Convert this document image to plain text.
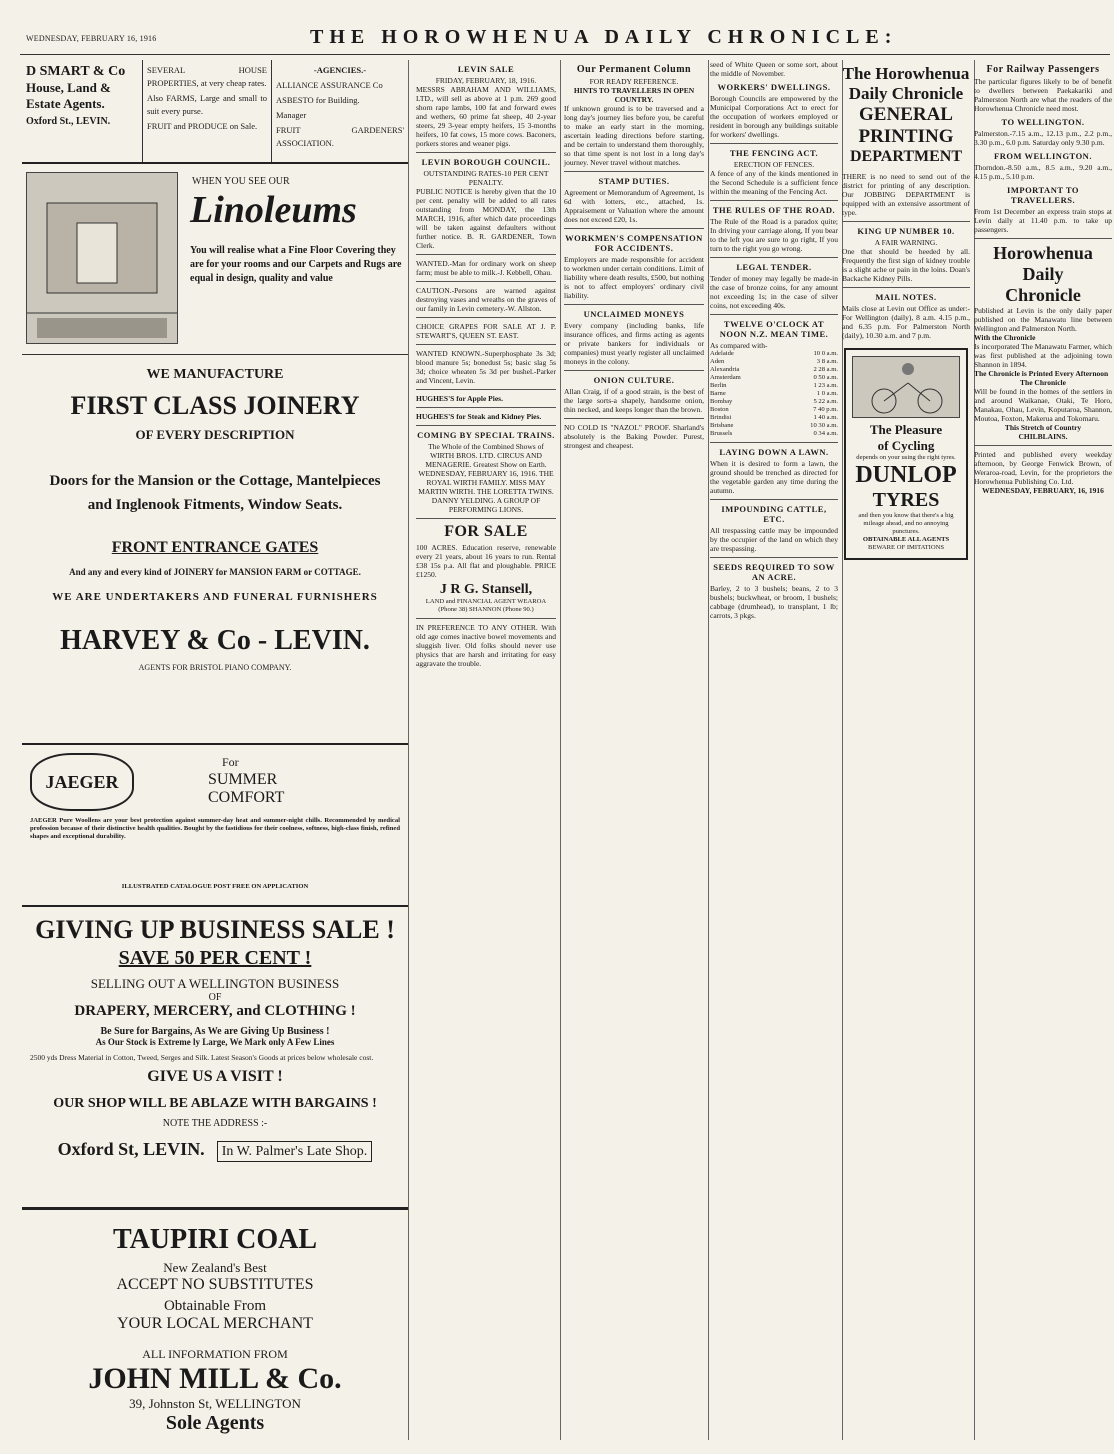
WEDNESDAY, FEBRUARY 16, 1916	THE HOROWHENUA DAILY CHRONICLE:
D SMART & Co
House, Land &
Estate Agents.
Oxford St., LEVIN.

SEVERAL HOUSE PROPERTIES, at very cheap rates.

Also FARMS, Large and small to suit every purse.

FRUIT and PRODUCE on Sale.

-AGENCIES.-

ALLIANCE ASSURANCE Co

ASBESTO for Building.

Manager

FRUIT GARDENERS' ASSOCIATION.

WHEN YOU SEE OUR
Linoleums
You will realise what a Fine Floor Covering they are for your rooms and our Carpets and Rugs are equal in design, quality and value
WE MANUFACTURE
FIRST CLASS JOINERY
OF EVERY DESCRIPTION
Doors for the Mansion or the Cottage, Mantelpieces and Inglenook Fitments, Window Seats.
FRONT ENTRANCE GATES
And any and every kind of JOINERY for MANSION FARM or COTTAGE.
WE ARE UNDERTAKERS AND FUNERAL FURNISHERS
HARVEY & Co - LEVIN.
AGENTS FOR BRISTOL PIANO COMPANY.
JAEGER
For
SUMMER
COMFORT
JAEGER Pure Woollens are your best protection against summer-day heat and summer-night chills. Recommended by medical profession because of their distinctive health qualities. Bought by the fastidious for their coolness, softness, high-class finish, refined shapes and exceptional durability.
ILLUSTRATED CATALOGUE POST FREE ON APPLICATION
GIVING UP BUSINESS SALE !
SAVE 50 PER CENT !
SELLING OUT A WELLINGTON BUSINESS
OF
DRAPERY, MERCERY, and CLOTHING !
Be Sure for Bargains, As We are Giving Up Business !
As Our Stock is Extreme ly Large, We Mark only A Few Lines
2500 yds Dress Material in Cotton, Tweed, Serges and Silk. Latest Season's Goods at prices below wholesale cost.
GIVE US A VISIT !
OUR SHOP WILL BE ABLAZE WITH BARGAINS !
NOTE THE ADDRESS :-
Oxford St, LEVIN. In W. Palmer's Late Shop.
TAUPIRI COAL
New Zealand's Best
ACCEPT NO SUBSTITUTES
Obtainable From
YOUR LOCAL MERCHANT
ALL INFORMATION FROM
JOHN MILL & Co.
39, Johnston St, WELLINGTON
Sole Agents
LEVIN SALE
FRIDAY, FEBRUARY, 18, 1916.
MESSRS ABRAHAM AND WILLIAMS, LTD., will sell as above at 1 p.m. 269 good shorn rape lambs, 100 fat and forward ewes and wethers, 60 prime fat sheep, 40 2-year steers, 29 3-year empty heifers, 15 3-months heifers, 10 fat cows, 15 more cows. Baconers, porkers stores and weaner pigs.
LEVIN BOROUGH COUNCIL.
OUTSTANDING RATES-10 PER CENT PENALTY.
PUBLIC NOTICE is hereby given that the 10 per cent. penalty will be added to all rates outstanding from MONDAY, the 13th MARCH, 1916, after which date proceedings will be taken against defaulters without further notice. B. R. GARDENER, Town Clerk.
WANTED.-Man for ordinary work on sheep farm; must be able to milk.-J. Kebbell, Ohau.
CAUTION.-Persons are warned against destroying vases and wreaths on the graves of our family in Levin cemetery.-W. Allston.
CHOICE GRAPES FOR SALE AT J. P. STEWART'S, QUEEN ST. EAST.
WANTED KNOWN.-Superphosphate 3s 3d; blood manure 5s; bonedust 5s; basic slag 5s 3d; choice wheaten 5s 3d per bushel.-Parker and Vincent, Levin.
HUGHES'S for Apple Pies.
HUGHES'S for Steak and Kidney Pies.
COMING BY SPECIAL TRAINS.
The Whole of the Combined Shows of WIRTH BROS. LTD. CIRCUS AND MENAGERIE. Greatest Show on Earth. WEDNESDAY, FEBRUARY 16, 1916. THE ROYAL WIRTH FAMILY. MISS MAY MARTIN WIRTH. THE LORETTA TWINS. DANNY YELDING. A GROUP OF PERFORMING LIONS.
FOR SALE
100 ACRES. Education reserve, renewable every 21 years, about 16 years to run. Rental £38 15s p.a. All flat and ploughable. PRICE £1250.
J R G. Stansell,
LAND and FINANCIAL AGENT WEAROA (Phone 38) SHANNON (Phone 90.)
IN PREFERENCE TO ANY OTHER. With old age comes inactive bowel movements and sluggish liver. Old folks should never use physics that are harsh and irritating for easy aggravate the trouble.
Our Permanent Column
FOR READY REFERENCE.
HINTS TO TRAVELLERS IN OPEN COUNTRY.
If unknown ground is to be traversed and a long day's journey lies before you, be careful to make an early start in the morning, ascertain leading directions before starting, and be certain to understand them thoroughly, so that time spent is not lost in a long day's journey. Never travel without matches.
STAMP DUTIES.
Agreement or Memorandum of Agreement, 1s 6d with lotters, etc., attached, 1s. Appraisement or Valuation where the amount does not exceed £20, 1s.
WORKMEN'S COMPENSATION FOR ACCIDENTS.
Employers are made responsible for accident to workmen under certain conditions. Limit of liability where death results, £500, but nothing is not to affect employers' ordinary civil liability.
UNCLAIMED MONEYS
Every company (including banks, life insurance offices, and firms acting as agents or private bankers for individuals or companies) must yearly register all unclaimed moneys in the colony.
ONION CULTURE.
Allan Craig, if of a good strain, is the best of the large sorts-a shapely, handsome onion, thin necked, and keeps longer than the brown.
NO COLD IS "NAZOL" PROOF. Sharland's absolutely is the Baking Powder. Purest, strongest and cheapest.
seed of White Queen or some sort, about the middle of November.
WORKERS' DWELLINGS.
Borough Councils are empowered by the Municipal Corporations Act to erect for the occupation of workers employed or resident in borough any buildings suitable for workers' dwellings.
THE FENCING ACT.
ERECTION OF FENCES.
A fence of any of the kinds mentioned in the Second Schedule is a sufficient fence within the meaning of the Fencing Act.
THE RULES OF THE ROAD.
The Rule of the Road is a paradox quite; In driving your carriage along, If you bear to the left you are sure to go right, If you turn to the right you go wrong.
LEGAL TENDER.
Tender of money may legally be made-in the case of bronze coins, for any amount not exceeding 1s; in the case of silver coins, not exceeding 40s.
TWELVE O'CLOCK AT NOON N.Z. MEAN TIME.
As compared with-
Adelaide	10 0 a.m.
Aden	3 8 a.m.
Alexandria	2 28 a.m.
Amsterdam	0 50 a.m.
Berlin	1 23 a.m.
Barne	1 0 a.m.
Bombay	5 22 a.m.
Boston	7 40 p.m.
Brindisi	1 40 a.m.
Brisbane	10 30 a.m.
Brussels	0 34 a.m.
LAYING DOWN A LAWN.
When it is desired to form a lawn, the ground should be trenched as directed for the vegetable garden any time during the autumn.
IMPOUNDING CATTLE, ETC.
All trespassing cattle may be impounded by the occupier of the land on which they are trespassing.
SEEDS REQUIRED TO SOW AN ACRE.
Barley, 2 to 3 bushels; beans, 2 to 3 bushels; buckwheat, or broom, 1 bushels; cabbage (drumhead), to transplant, 1 lb; carrots, 3 pkgs.
The Horowhenua
Daily Chronicle
GENERAL
PRINTING
DEPARTMENT
THERE is no need to send out of the district for printing of any description. Our JOBBING DEPARTMENT is equipped with an extensive assortment of type.
KING UP NUMBER 10.
A FAIR WARNING.
One that should be heeded by all. Frequently the first sign of kidney trouble is a slight ache or pain in the loins. Doan's Backache Kidney Pills.
MAIL NOTES.
Mails close at Levin out Office as under:- For Wellington (daily), 8 a.m. 4.15 p.m., and 6.35 p.m. For Palmerston North (daily), 10.30 a.m. and 7 p.m.
The Pleasure
of Cycling
depends on your using the right tyres.
DUNLOP
TYRES
and then you know that there's a big mileage ahead, and no annoying punctures.
OBTAINABLE ALL AGENTS
BEWARE OF IMITATIONS
For Railway Passengers
The particular figures likely to be of benefit to dwellers between Paekakariki and Palmerston North are what the readers of the Horowhenua Chronicle need most.
TO WELLINGTON.
Palmerston.-7.15 a.m., 12.13 p.m., 2.2 p.m., 3.30 p.m., 6.0 p.m. Saturday only 9.30 p.m.
FROM WELLINGTON.
Thorndon.-8.50 a.m., 8.5 a.m., 9.20 a.m., 4.15 p.m., 5.10 p.m.
IMPORTANT TO TRAVELLERS.
From 1st December an express train stops at Levin daily at 11.40 p.m. to take up passengers.
Horowhenua
Daily
Chronicle
Published at Levin is the only daily paper published on the Manawatu line between Wellington and Palmerston North.
With the Chronicle
Is incorporated The Manawatu Farmer, which was first published at the adjoining town Shannon in 1894.
The Chronicle is Printed Every Afternoon
The Chronicle
Will be found in the homes of the settlers in and around Waikanae, Otaki, Te Horo, Manakau, Ohau, Levin, Koputaroa, Shannon, Moutoa, Foxton, Makerua and Tokomaru.
This Stretch of Country
CHILBLAINS.
Printed and published every weekday afternoon, by George Fenwick Brown, of Weraroa-road, Levin, for the proprietors the Horowhenua Publishing Co. Ltd.
WEDNESDAY, FEBRUARY, 16, 1916
